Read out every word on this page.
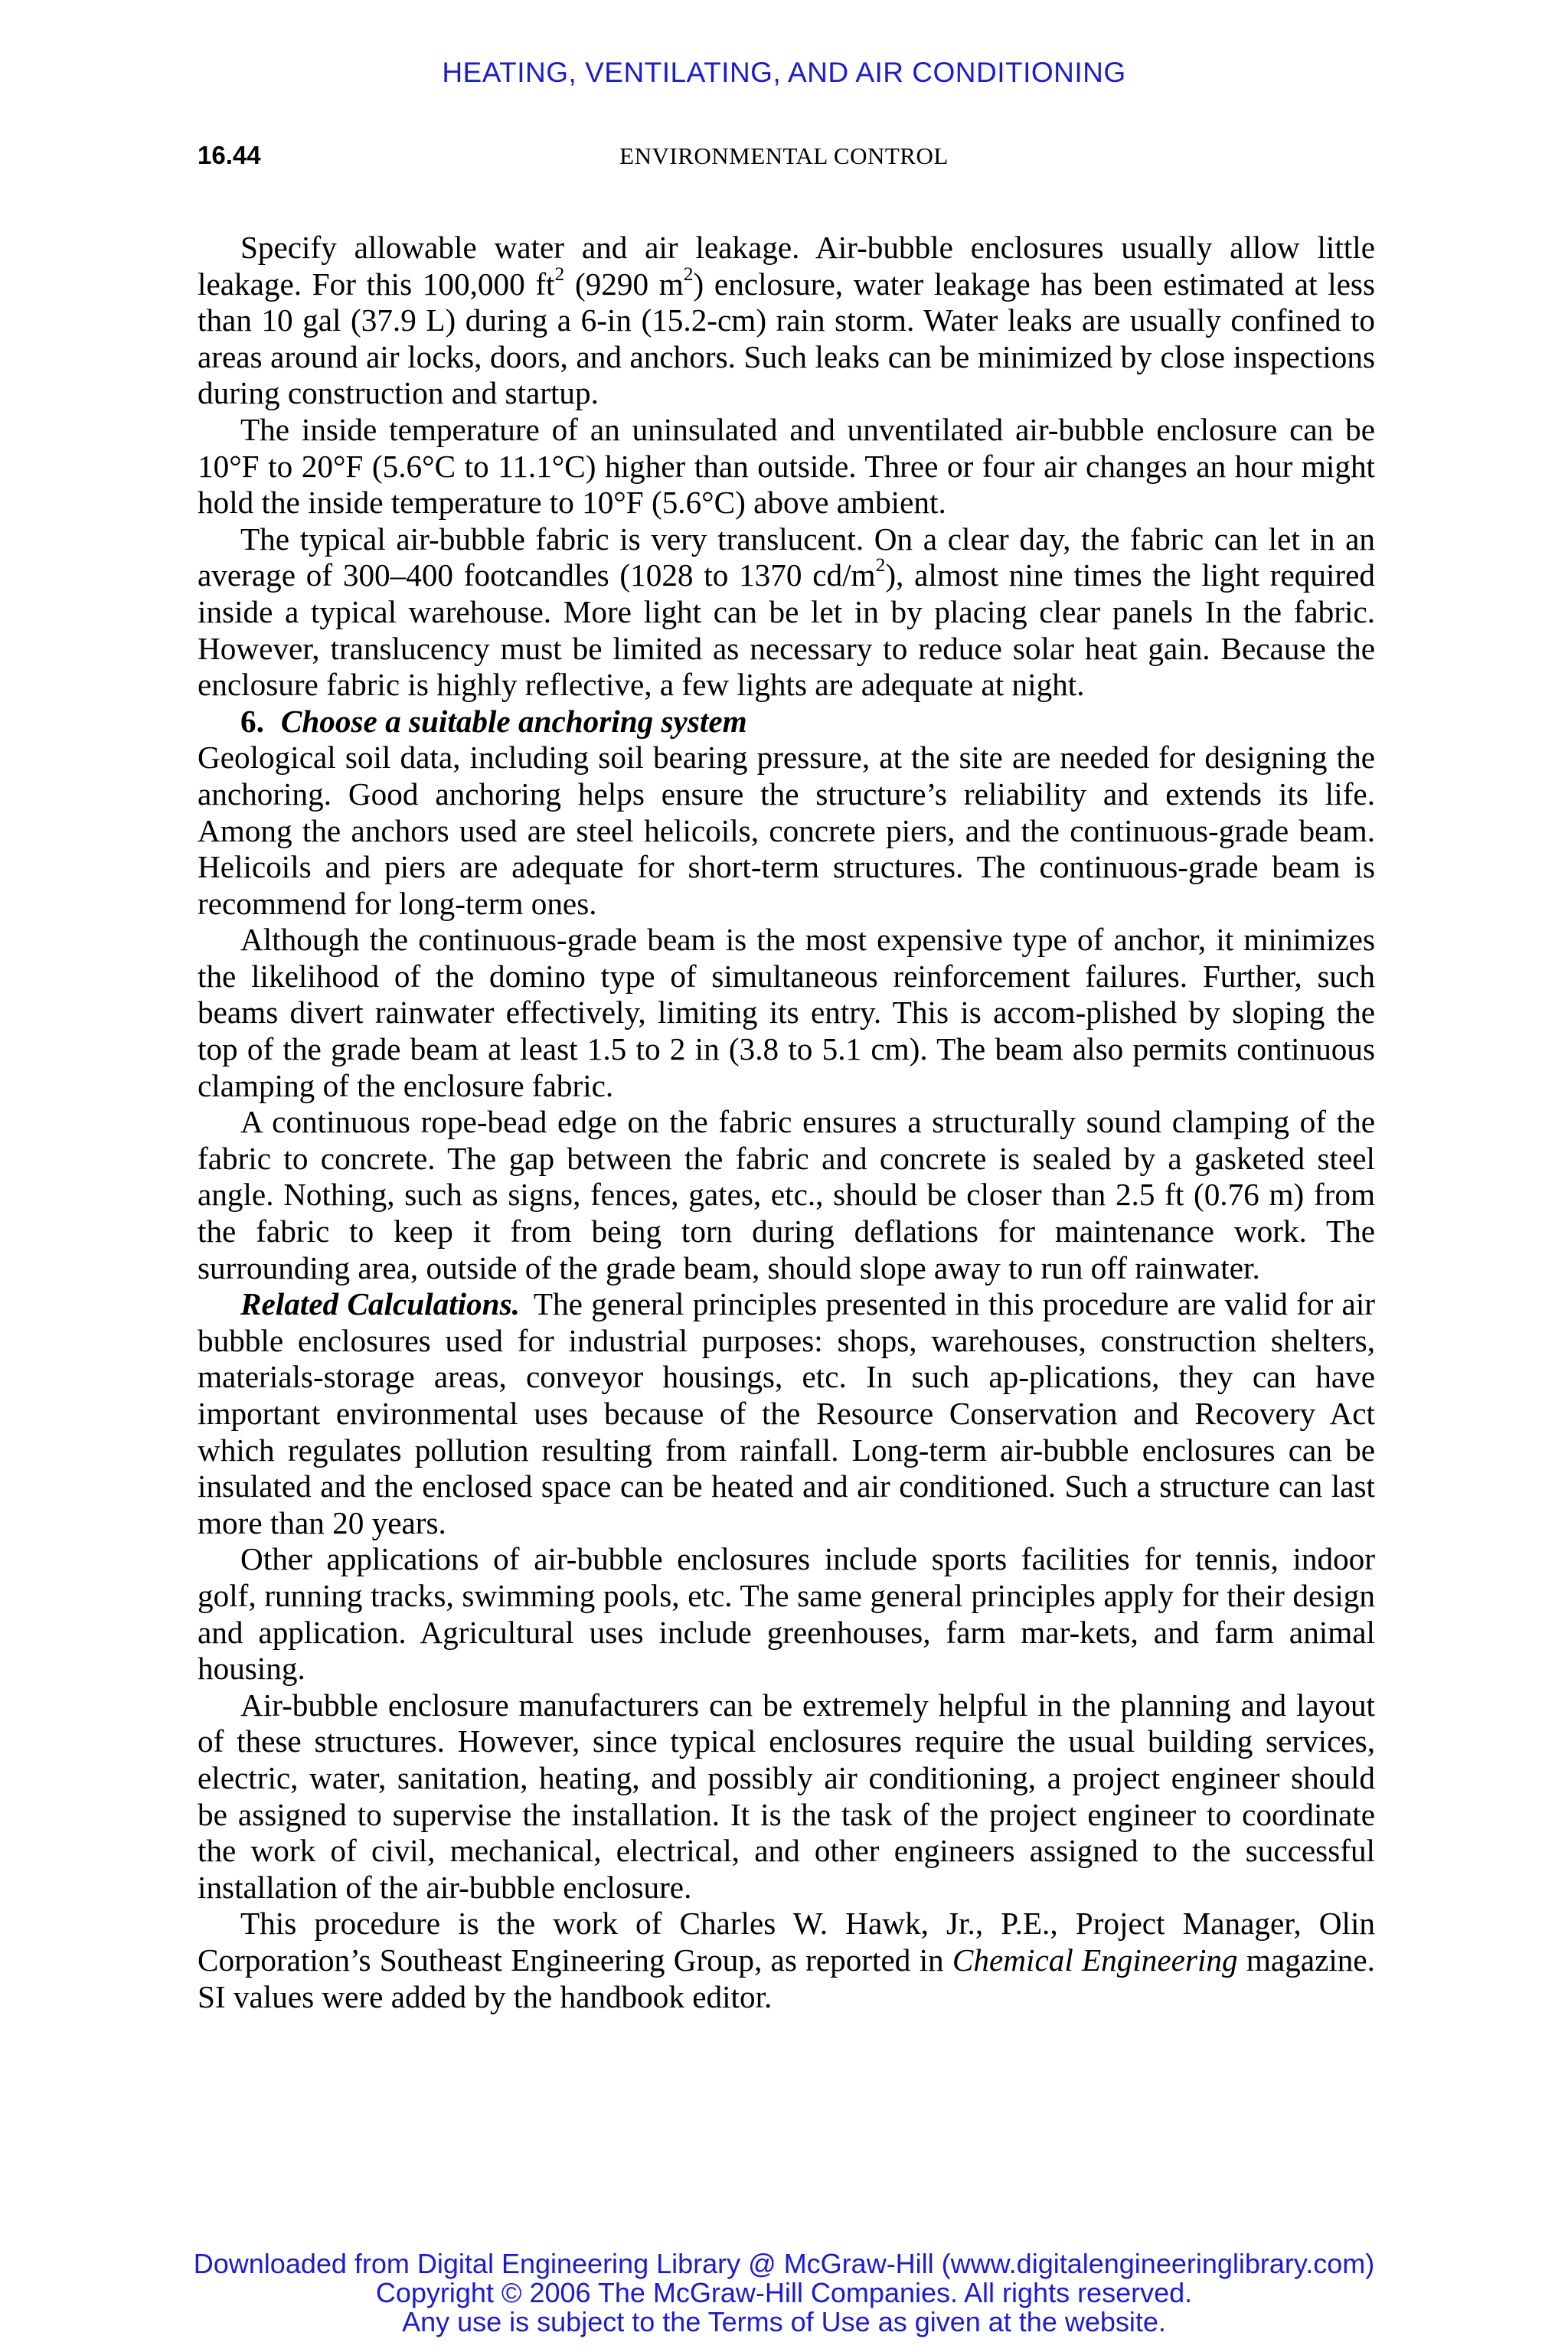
HEATING, VENTILATING, AND AIR CONDITIONING
16.44	ENVIRONMENTAL CONTROL

Specify allowable water and air leakage. Air-bubble enclosures usually allow little leakage. For this 100,000 $ft^2$ (9290 $m^2$) enclosure, water leakage has been estimated at less than 10 gal (37.9 L) during a 6-in (15.2-cm) rain storm. Water leaks are usually confined to areas around air locks, doors, and anchors. Such leaks can be minimized by close inspections during construction and startup.

The inside temperature of an uninsulated and unventilated air-bubble enclosure can be 10°F to 20°F (5.6°C to 11.1°C) higher than outside. Three or four air changes an hour might hold the inside temperature to 10°F (5.6°C) above ambient.

The typical air-bubble fabric is very translucent. On a clear day, the fabric can let in an average of 300–400 footcandles (1028 to 1370 $cd/m^2$), almost nine times the light required inside a typical warehouse. More light can be let in by placing clear panels In the fabric. However, translucency must be limited as necessary to reduce solar heat gain. Because the enclosure fabric is highly reflective, a few lights are adequate at night.

6. Choose a suitable anchoring system

Geological soil data, including soil bearing pressure, at the site are needed for designing the anchoring. Good anchoring helps ensure the structure’s reliability and extends its life. Among the anchors used are steel helicoils, concrete piers, and the continuous-grade beam. Helicoils and piers are adequate for short-term structures. The continuous-grade beam is recommend for long-term ones.

Although the continuous-grade beam is the most expensive type of anchor, it minimizes the likelihood of the domino type of simultaneous reinforcement failures. Further, such beams divert rainwater effectively, limiting its entry. This is accom-plished by sloping the top of the grade beam at least 1.5 to 2 in (3.8 to 5.1 cm). The beam also permits continuous clamping of the enclosure fabric.

A continuous rope-bead edge on the fabric ensures a structurally sound clamping of the fabric to concrete. The gap between the fabric and concrete is sealed by a gasketed steel angle. Nothing, such as signs, fences, gates, etc., should be closer than 2.5 ft (0.76 m) from the fabric to keep it from being torn during deflations for maintenance work. The surrounding area, outside of the grade beam, should slope away to run off rainwater.

Related Calculations. The general principles presented in this procedure are valid for air bubble enclosures used for industrial purposes: shops, warehouses, construction shelters, materials-storage areas, conveyor housings, etc. In such ap-plications, they can have important environmental uses because of the Resource Conservation and Recovery Act which regulates pollution resulting from rainfall. Long-term air-bubble enclosures can be insulated and the enclosed space can be heated and air conditioned. Such a structure can last more than 20 years.

Other applications of air-bubble enclosures include sports facilities for tennis, indoor golf, running tracks, swimming pools, etc. The same general principles apply for their design and application. Agricultural uses include greenhouses, farm mar-kets, and farm animal housing.

Air-bubble enclosure manufacturers can be extremely helpful in the planning and layout of these structures. However, since typical enclosures require the usual building services, electric, water, sanitation, heating, and possibly air conditioning, a project engineer should be assigned to supervise the installation. It is the task of the project engineer to coordinate the work of civil, mechanical, electrical, and other engineers assigned to the successful installation of the air-bubble enclosure.

This procedure is the work of Charles W. Hawk, Jr., P.E., Project Manager, Olin Corporation’s Southeast Engineering Group, as reported in Chemical Engineering magazine. SI values were added by the handbook editor.

Downloaded from Digital Engineering Library @ McGraw-Hill (www.digitalengineeringlibrary.com)
Copyright © 2006 The McGraw-Hill Companies. All rights reserved.
Any use is subject to the Terms of Use as given at the website.
